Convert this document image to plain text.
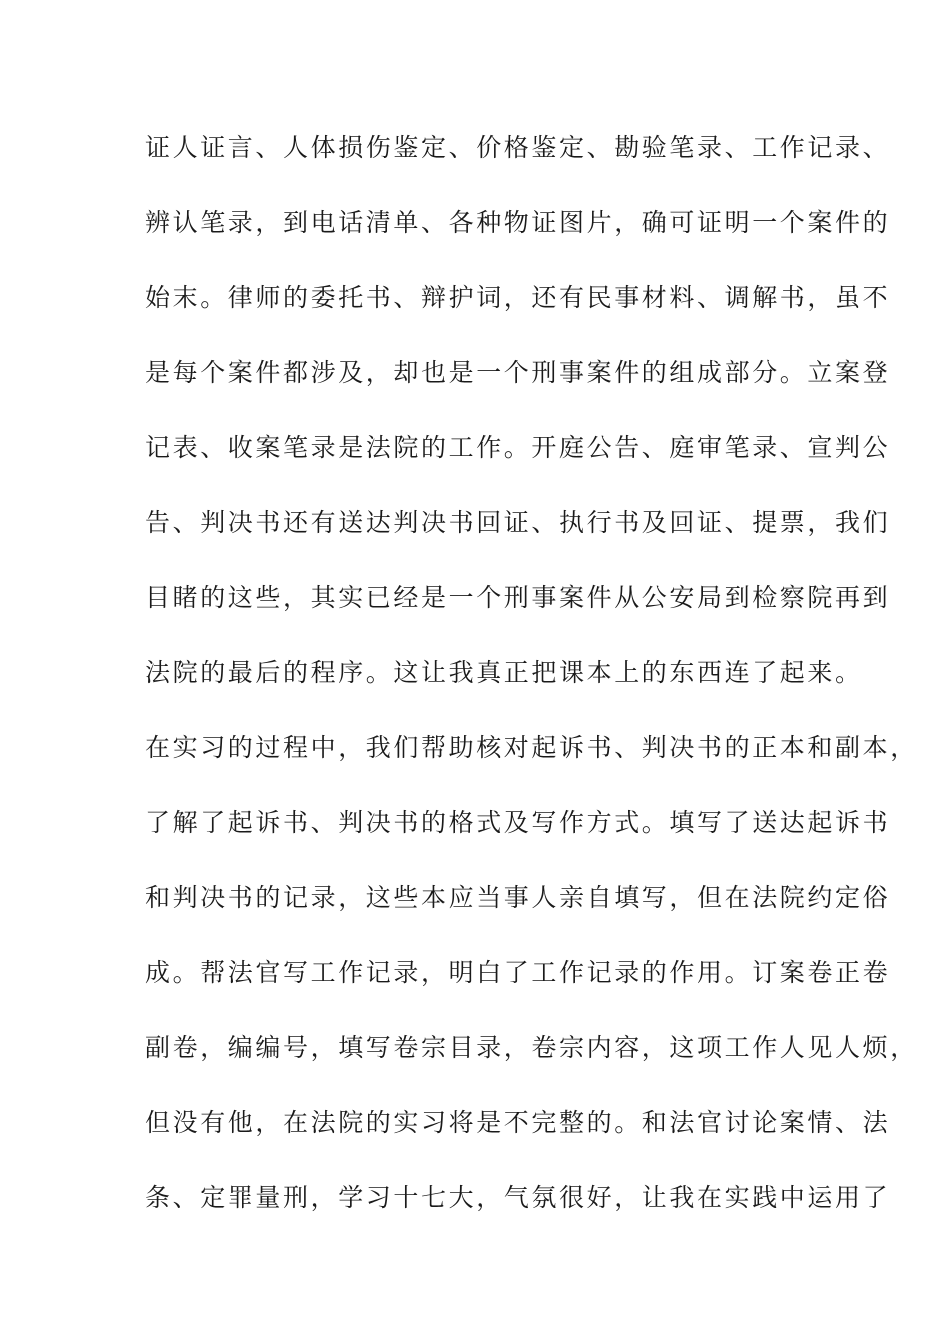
证人证言、人体损伤鉴定、价格鉴定、勘验笔录、工作记录、
辨认笔录，到电话清单、各种物证图片，确可证明一个案件的
始末。律师的委托书、辩护词，还有民事材料、调解书，虽不
是每个案件都涉及，却也是一个刑事案件的组成部分。立案登
记表、收案笔录是法院的工作。开庭公告、庭审笔录、宣判公
告、判决书还有送达判决书回证、执行书及回证、提票，我们
目睹的这些，其实已经是一个刑事案件从公安局到检察院再到
法院的最后的程序。这让我真正把课本上的东西连了起来。
在实习的过程中，我们帮助核对起诉书、判决书的正本和副本，
了解了起诉书、判决书的格式及写作方式。填写了送达起诉书
和判决书的记录，这些本应当事人亲自填写，但在法院约定俗
成。帮法官写工作记录，明白了工作记录的作用。订案卷正卷
副卷，编编号，填写卷宗目录，卷宗内容，这项工作人见人烦，
但没有他，在法院的实习将是不完整的。和法官讨论案情、法
条、定罪量刑，学习十七大，气氛很好，让我在实践中运用了
